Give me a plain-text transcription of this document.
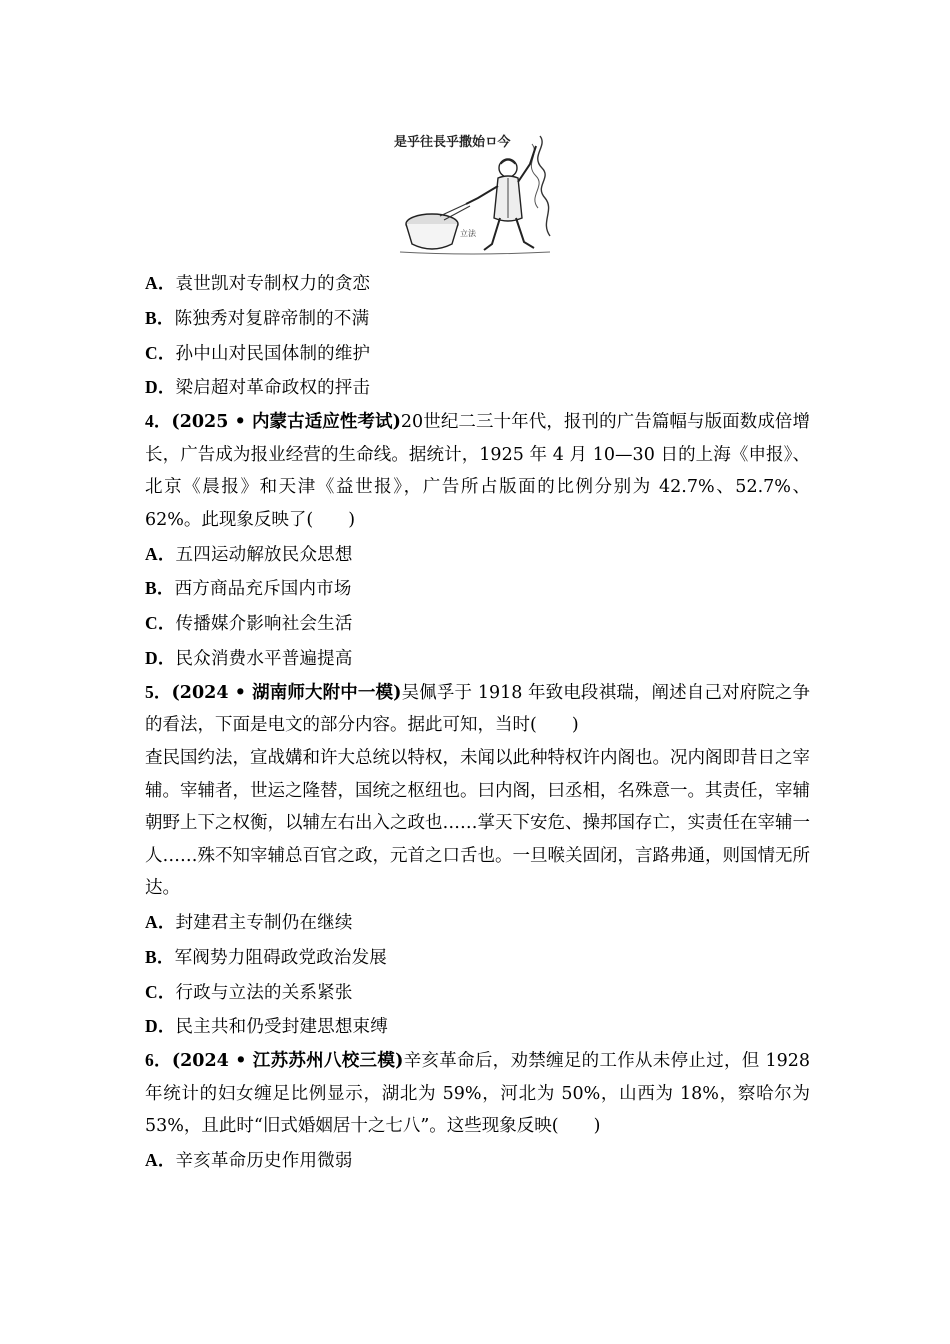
是乎往長乎撒始ㅁ今
立法
A．袁世凯对专制权力的贪恋
B．陈独秀对复辟帝制的不满
C．孙中山对民国体制的维护
D．梁启超对革命政权的抨击
4．(2025 • 内蒙古适应性考试)20世纪二三十年代，报刊的广告篇幅与版面数成倍增长，广告成为报业经营的生命线。据统计，1925 年 4 月 10—30 日的上海《申报》、北京《晨报》和天津《益世报》，广告所占版面的比例分别为 42.7%、52.7%、62%。此现象反映了(　　)
A．五四运动解放民众思想
B．西方商品充斥国内市场
C．传播媒介影响社会生活
D．民众消费水平普遍提高
5．(2024 • 湖南师大附中一模)吴佩孚于 1918 年致电段祺瑞，阐述自己对府院之争的看法，下面是电文的部分内容。据此可知，当时(　　)
查民国约法，宣战媾和许大总统以特权，未闻以此种特权许内阁也。况内阁即昔日之宰辅。宰辅者，世运之隆替，国统之枢纽也。曰内阁，曰丞相，名殊意一。其责任，宰辅朝野上下之权衡，以辅左右出入之政也……掌天下安危、操邦国存亡，实责任在宰辅一人……殊不知宰辅总百官之政，元首之口舌也。一旦喉关固闭，言路弗通，则国情无所达。
A．封建君主专制仍在继续
B．军阀势力阻碍政党政治发展
C．行政与立法的关系紧张
D．民主共和仍受封建思想束缚
6．(2024 • 江苏苏州八校三模)辛亥革命后，劝禁缠足的工作从未停止过，但 1928 年统计的妇女缠足比例显示，湖北为 59%，河北为 50%，山西为 18%，察哈尔为 53%，且此时“旧式婚姻居十之七八”。这些现象反映(　　)
A．辛亥革命历史作用微弱
